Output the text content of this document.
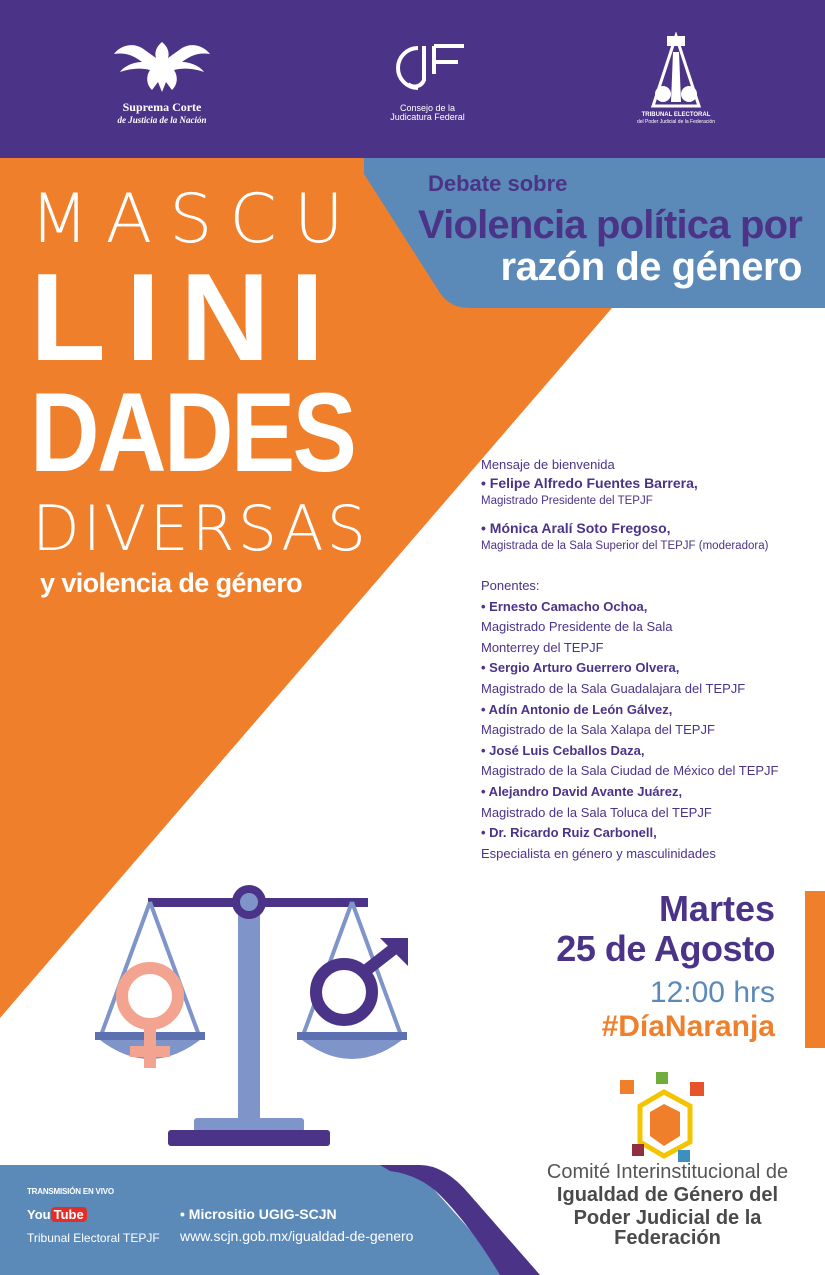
Suprema Corte
de Justicia de la Nación
Consejo de la
Judicatura Federal	TRIBUNAL ELECTORAL
del Poder Judicial de la Federación
Debate sobre
Violencia política por
razón de género
MASCU
LINI
DADES
DIVERSAS
y violencia de género
Mensaje de bienvenida
• Felipe Alfredo Fuentes Barrera,
Magistrado Presidente del TEPJF
• Mónica Aralí Soto Fregoso,
Magistrada de la Sala Superior del TEPJF (moderadora)
Ponentes:
• Ernesto Camacho Ochoa,
Magistrado Presidente de la Sala
Monterrey del TEPJF
• Sergio Arturo Guerrero Olvera,
Magistrado de la Sala Guadalajara del TEPJF
• Adín Antonio de León Gálvez,
Magistrado de la Sala Xalapa del TEPJF
• José Luis Ceballos Daza,
Magistrado de la Sala Ciudad de México del TEPJF
• Alejandro David Avante Juárez,
Magistrado de la Sala Toluca del TEPJF
• Dr. Ricardo Ruiz Carbonell,
Especialista en género y masculinidades
Martes
25 de Agosto
12:00 hrs
#DíaNaranja
Comité Interinstitucional de
Igualdad de Género del
Poder Judicial de la Federación
TRANSMISIÓN EN VIVO
You Tube
Tribunal Electoral TEPJF
• Micrositio UGIG-SCJN
www.scjn.gob.mx/igualdad-de-genero
